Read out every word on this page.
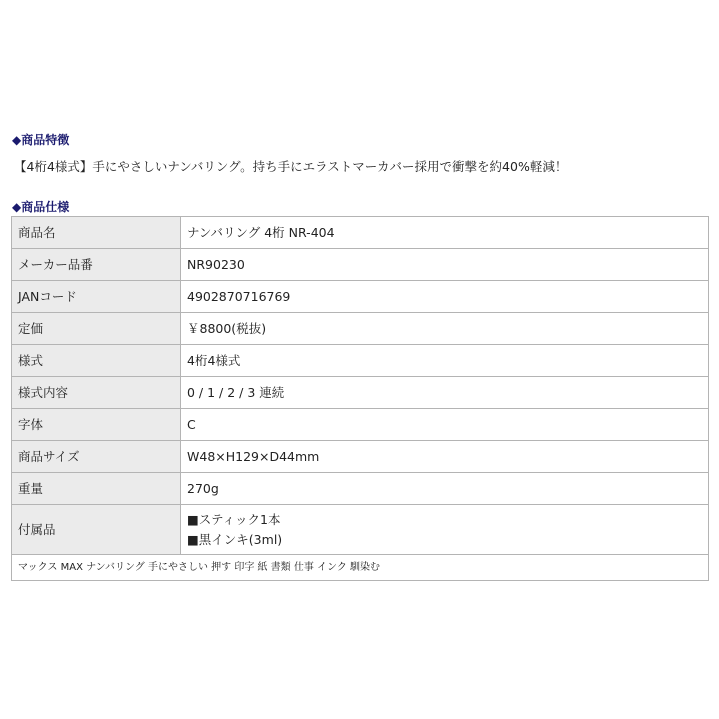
◆商品特徴
【4桁4様式】手にやさしいナンバリング。持ち手にエラストマーカバー採用で衝撃を約40%軽減！
◆商品仕様
商品名	ナンバリング 4桁 NR-404
メーカー品番	NR90230
JANコード	4902870716769
定価	￥8800(税抜)
様式	4桁4様式
様式内容	0 / 1 / 2 / 3 連続
字体	C
商品サイズ	W48×H129×D44mm
重量	270g
付属品	■スティック1本
■黒インキ(3ml)

マックス MAX ナンバリング 手にやさしい 押す 印字 紙 書類 仕事 インク 馴染む	
